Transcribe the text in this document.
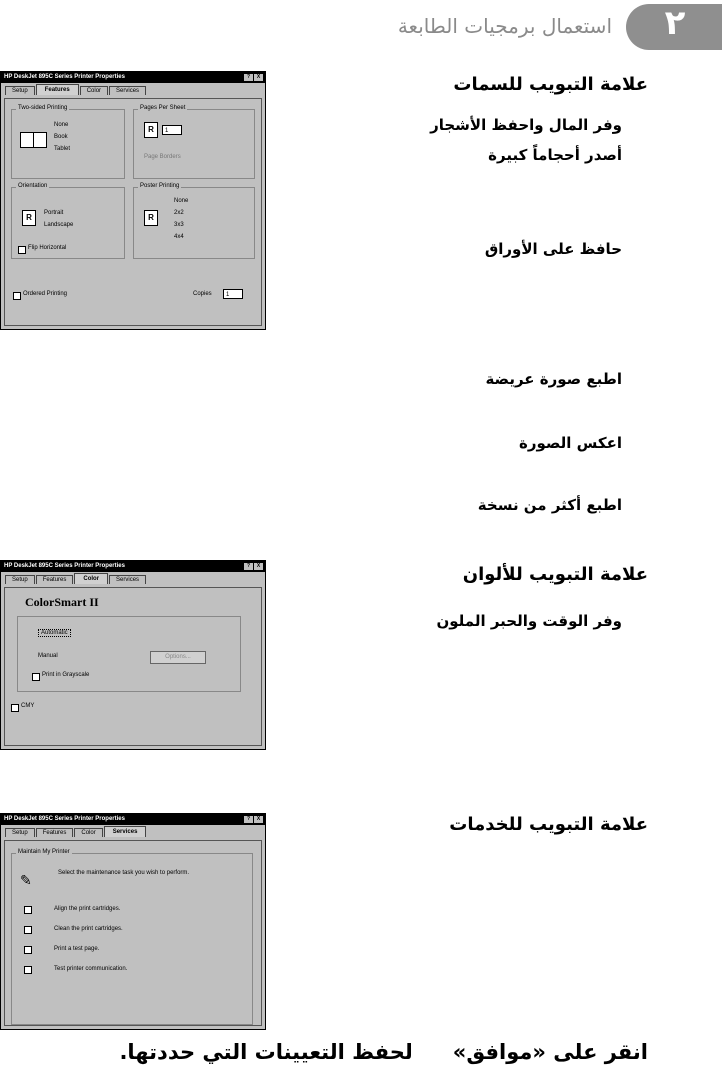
استعمال برمجيات الطابعة ٢
HP DeskJet 895C Series Printer Properties	?	X
Setup	Features	Color	Services
Two-sided Printing
None
Book
Tablet
Pages Per Sheet
R	1
Page Borders
Orientation
R	Portrait
Landscape
Flip Horizontal
Poster Printing
R
None
2x2
3x3
4x4
Ordered Printing	Copies	1
علامة التبويب للسمات
وفر المال واحفظ الأشجار
أصدر أحجاماً كبيرة
حافظ على الأوراق
اطبع صورة عريضة
اعكس الصورة
اطبع أكثر من نسخة
HP DeskJet 895C Series Printer Properties	?	X
Setup	Features	Color	Services
ColorSmart II
Automatic
Manual	Options...
Print in Grayscale
CMY
علامة التبويب للألوان
وفر الوقت والحبر الملون
HP DeskJet 895C Series Printer Properties	?	X
Setup	Features	Color	Services
Maintain My Printer
✎	Select the maintenance task you wish to perform.
Align the print cartridges.
Clean the print cartridges.
Print a test page.
Test printer communication.
علامة التبويب للخدمات
انقر على «موافق»لحفظ التعيينات التي حددتها.
